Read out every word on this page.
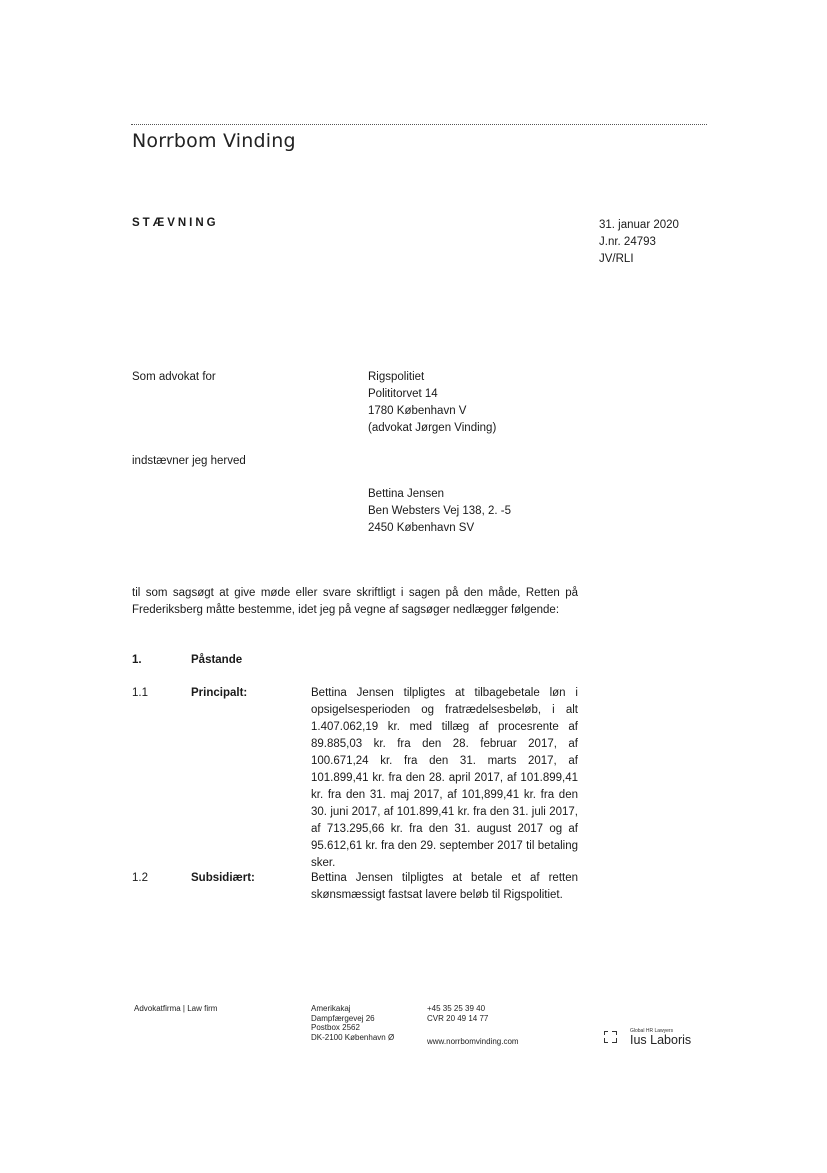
Norrbom Vinding
STÆVNING	31. januar 2020
J.nr. 24793
JV/RLI
Som advokat for	Rigspolitiet
Polititorvet 14
1780 København V
(advokat Jørgen Vinding)
indstævner jeg herved
Bettina Jensen
Ben Websters Vej 138, 2. -5
2450 København SV
til som sagsøgt at give møde eller svare skriftligt i sagen på den måde, Retten på Frederiksberg måtte bestemme, idet jeg på vegne af sagsøger nedlægger følgende:
1.	Påstande
1.1	Principalt:	Bettina Jensen tilpligtes at tilbagebetale løn i opsigelsesperioden og fratrædelsesbeløb, i alt 1.407.062,19 kr. med tillæg af procesrente af 89.885,03 kr. fra den 28. februar 2017, af 100.671,24 kr. fra den 31. marts 2017, af 101.899,41 kr. fra den 28. april 2017, af 101.899,41 kr. fra den 31. maj 2017, af 101,899,41 kr. fra den 30. juni 2017, af 101.899,41 kr. fra den 31. juli 2017, af 713.295,66 kr. fra den 31. august 2017 og af 95.612,61 kr. fra den 29. september 2017 til betaling sker.
1.2	Subsidiært:	Bettina Jensen tilpligtes at betale et af retten skønsmæssigt fastsat lavere beløb til Rigspolitiet.
Advokatfirma | Law firm	Amerikakaj
Dampfærgevej 26
Postbox 2562
DK-2100 København Ø
+45 35 25 39 40
CVR 20 49 14 77
www.norrbomvinding.com
Global HR Lawyers
Ius Laboris
